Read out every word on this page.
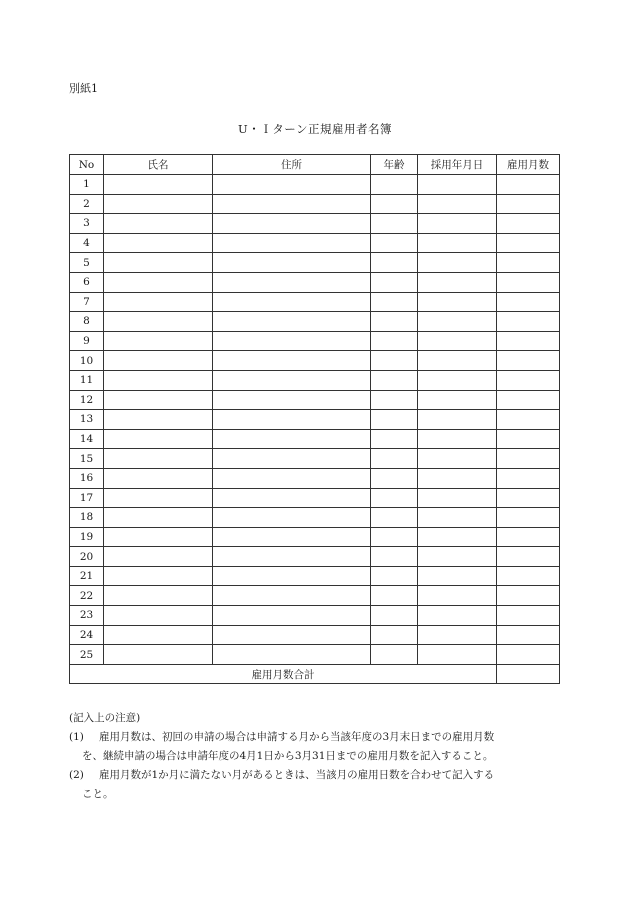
別紙1
U・Ｉターン正規雇用者名簿
No	氏名	住所	年齢	採用年月日	雇用月数
1					
2					
3					
4					
5					
6					
7					
8					
9					
10					
11					
12					
13					
14					
15					
16					
17					
18					
19					
20					
21					
22					
23					
24					
25					
雇用月数合計					
(記入上の注意)
(1)	雇用月数は、初回の申請の場合は申請する月から当該年度の3月末日までの雇用月数
を、継続申請の場合は申請年度の4月1日から3月31日までの雇用月数を記入すること。
(2)	雇用月数が1か月に満たない月があるときは、当該月の雇用日数を合わせて記入する
こと。
